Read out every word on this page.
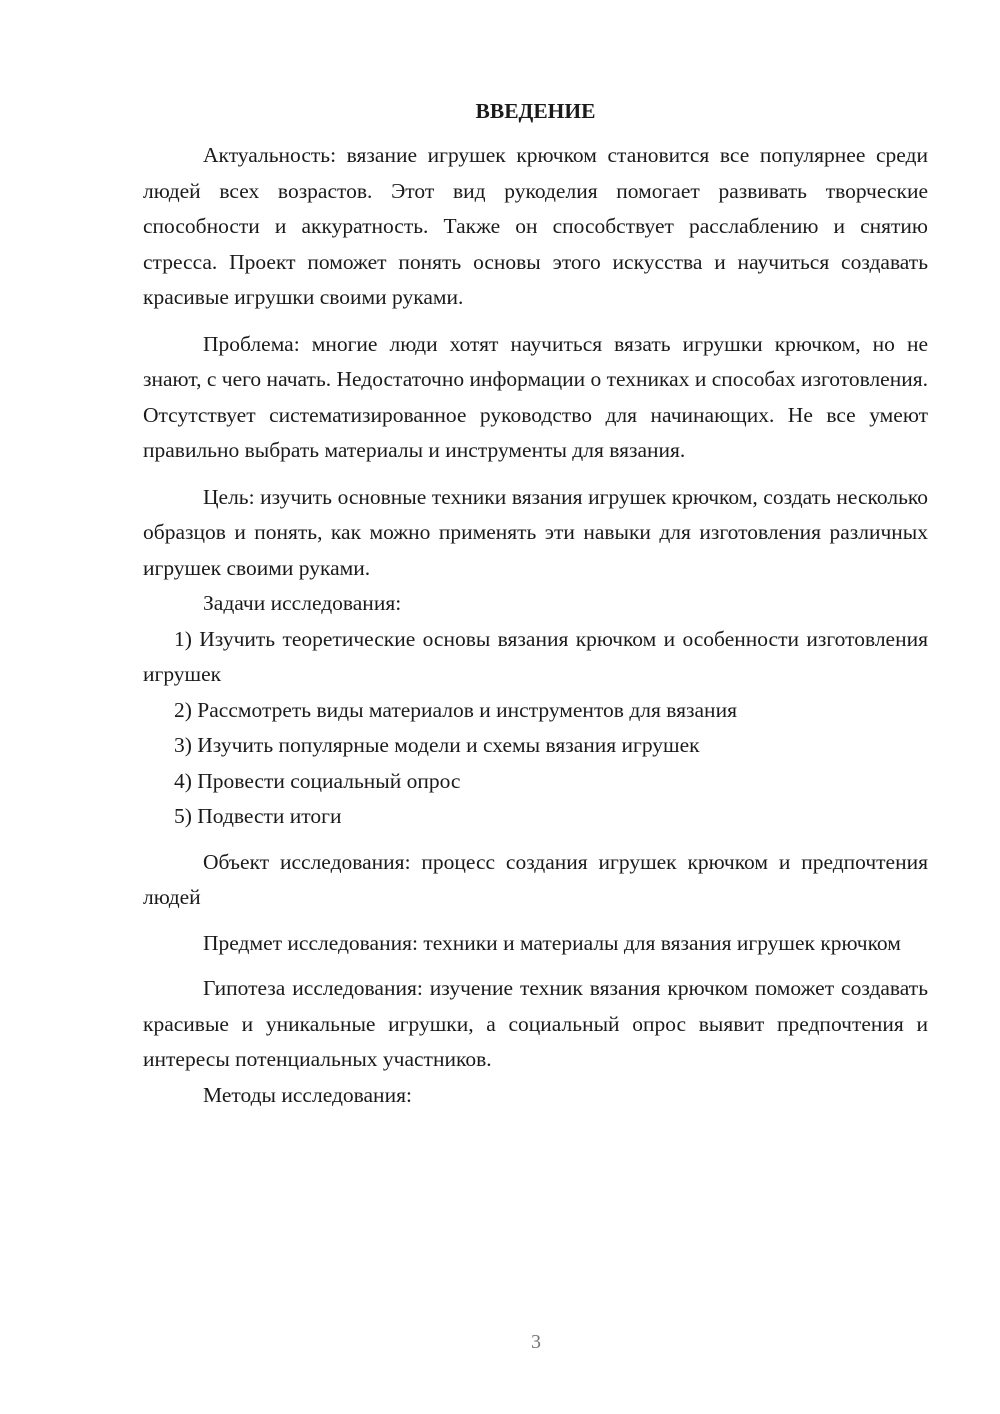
ВВЕДЕНИЕ

Актуальность: вязание игрушек крючком становится все популярнее среди людей всех возрастов. Этот вид рукоделия помогает развивать творческие способности и аккуратность. Также он способствует расслаблению и снятию стресса. Проект поможет понять основы этого искусства и научиться создавать красивые игрушки своими руками.

Проблема: многие люди хотят научиться вязать игрушки крючком, но не знают, с чего начать. Недостаточно информации о техниках и способах изготовления. Отсутствует систематизированное руководство для начинающих. Не все умеют правильно выбрать материалы и инструменты для вязания.

Цель: изучить основные техники вязания игрушек крючком, создать несколько образцов и понять, как можно применять эти навыки для изготовления различных игрушек своими руками.

Задачи исследования:

1) Изучить теоретические основы вязания крючком и особенности изготовления игрушек

2) Рассмотреть виды материалов и инструментов для вязания

3) Изучить популярные модели и схемы вязания игрушек

4) Провести социальный опрос

5) Подвести итоги

Объект исследования: процесс создания игрушек крючком и предпочтения людей

Предмет исследования: техники и материалы для вязания игрушек крючком

Гипотеза исследования: изучение техник вязания крючком поможет создавать красивые и уникальные игрушки, а социальный опрос выявит предпочтения и интересы потенциальных участников.

Методы исследования:

3
